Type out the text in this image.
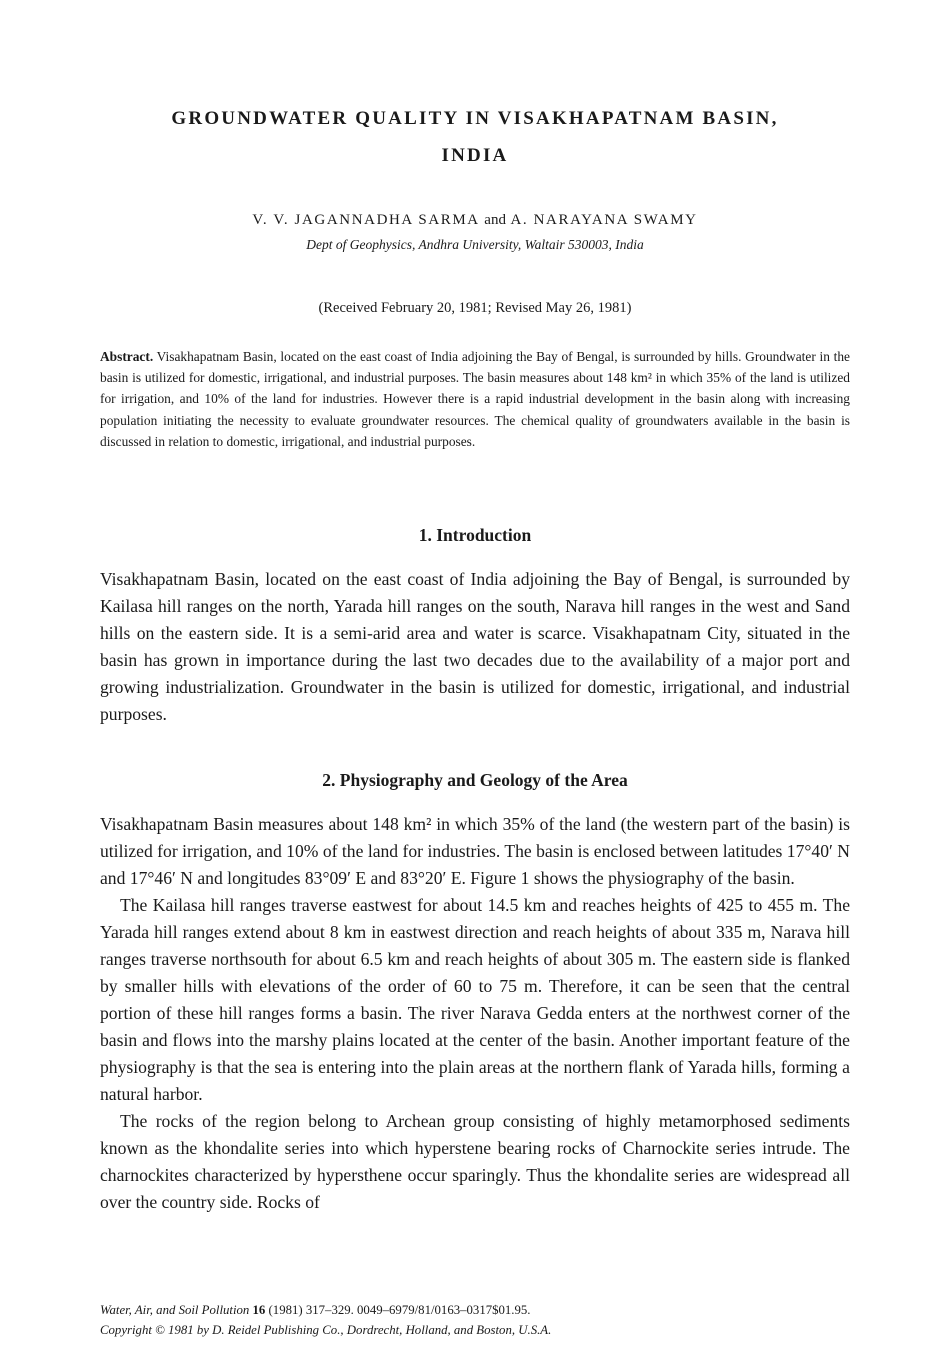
GROUNDWATER QUALITY IN VISAKHAPATNAM BASIN,
INDIA
V. V. JAGANNADHA SARMA and A. NARAYANA SWAMY
Dept of Geophysics, Andhra University, Waltair 530003, India
(Received February 20, 1981; Revised May 26, 1981)
Abstract. Visakhapatnam Basin, located on the east coast of India adjoining the Bay of Bengal, is surrounded by hills. Groundwater in the basin is utilized for domestic, irrigational, and industrial purposes. The basin measures about 148 km² in which 35% of the land is utilized for irrigation, and 10% of the land for industries. However there is a rapid industrial development in the basin along with increasing population initiating the necessity to evaluate groundwater resources. The chemical quality of groundwaters available in the basin is discussed in relation to domestic, irrigational, and industrial purposes.
1. Introduction

Visakhapatnam Basin, located on the east coast of India adjoining the Bay of Bengal, is surrounded by Kailasa hill ranges on the north, Yarada hill ranges on the south, Narava hill ranges in the west and Sand hills on the eastern side. It is a semi-arid area and water is scarce. Visakhapatnam City, situated in the basin has grown in importance during the last two decades due to the availability of a major port and growing industrialization. Groundwater in the basin is utilized for domestic, irrigational, and industrial purposes.

2. Physiography and Geology of the Area

Visakhapatnam Basin measures about 148 km² in which 35% of the land (the western part of the basin) is utilized for irrigation, and 10% of the land for industries. The basin is enclosed between latitudes 17°40′ N and 17°46′ N and longitudes 83°09′ E and 83°20′ E. Figure 1 shows the physiography of the basin.

The Kailasa hill ranges traverse eastwest for about 14.5 km and reaches heights of 425 to 455 m. The Yarada hill ranges extend about 8 km in eastwest direction and reach heights of about 335 m, Narava hill ranges traverse northsouth for about 6.5 km and reach heights of about 305 m. The eastern side is flanked by smaller hills with elevations of the order of 60 to 75 m. Therefore, it can be seen that the central portion of these hill ranges forms a basin. The river Narava Gedda enters at the northwest corner of the basin and flows into the marshy plains located at the center of the basin. Another important feature of the physiography is that the sea is entering into the plain areas at the northern flank of Yarada hills, forming a natural harbor.

The rocks of the region belong to Archean group consisting of highly metamorphosed sediments known as the khondalite series into which hyperstene bearing rocks of Charnockite series intrude. The charnockites characterized by hypersthene occur sparingly. Thus the khondalite series are widespread all over the country side. Rocks of

Water, Air, and Soil Pollution 16 (1981) 317–329. 0049–6979/81/0163–0317$01.95.
Copyright © 1981 by D. Reidel Publishing Co., Dordrecht, Holland, and Boston, U.S.A.
